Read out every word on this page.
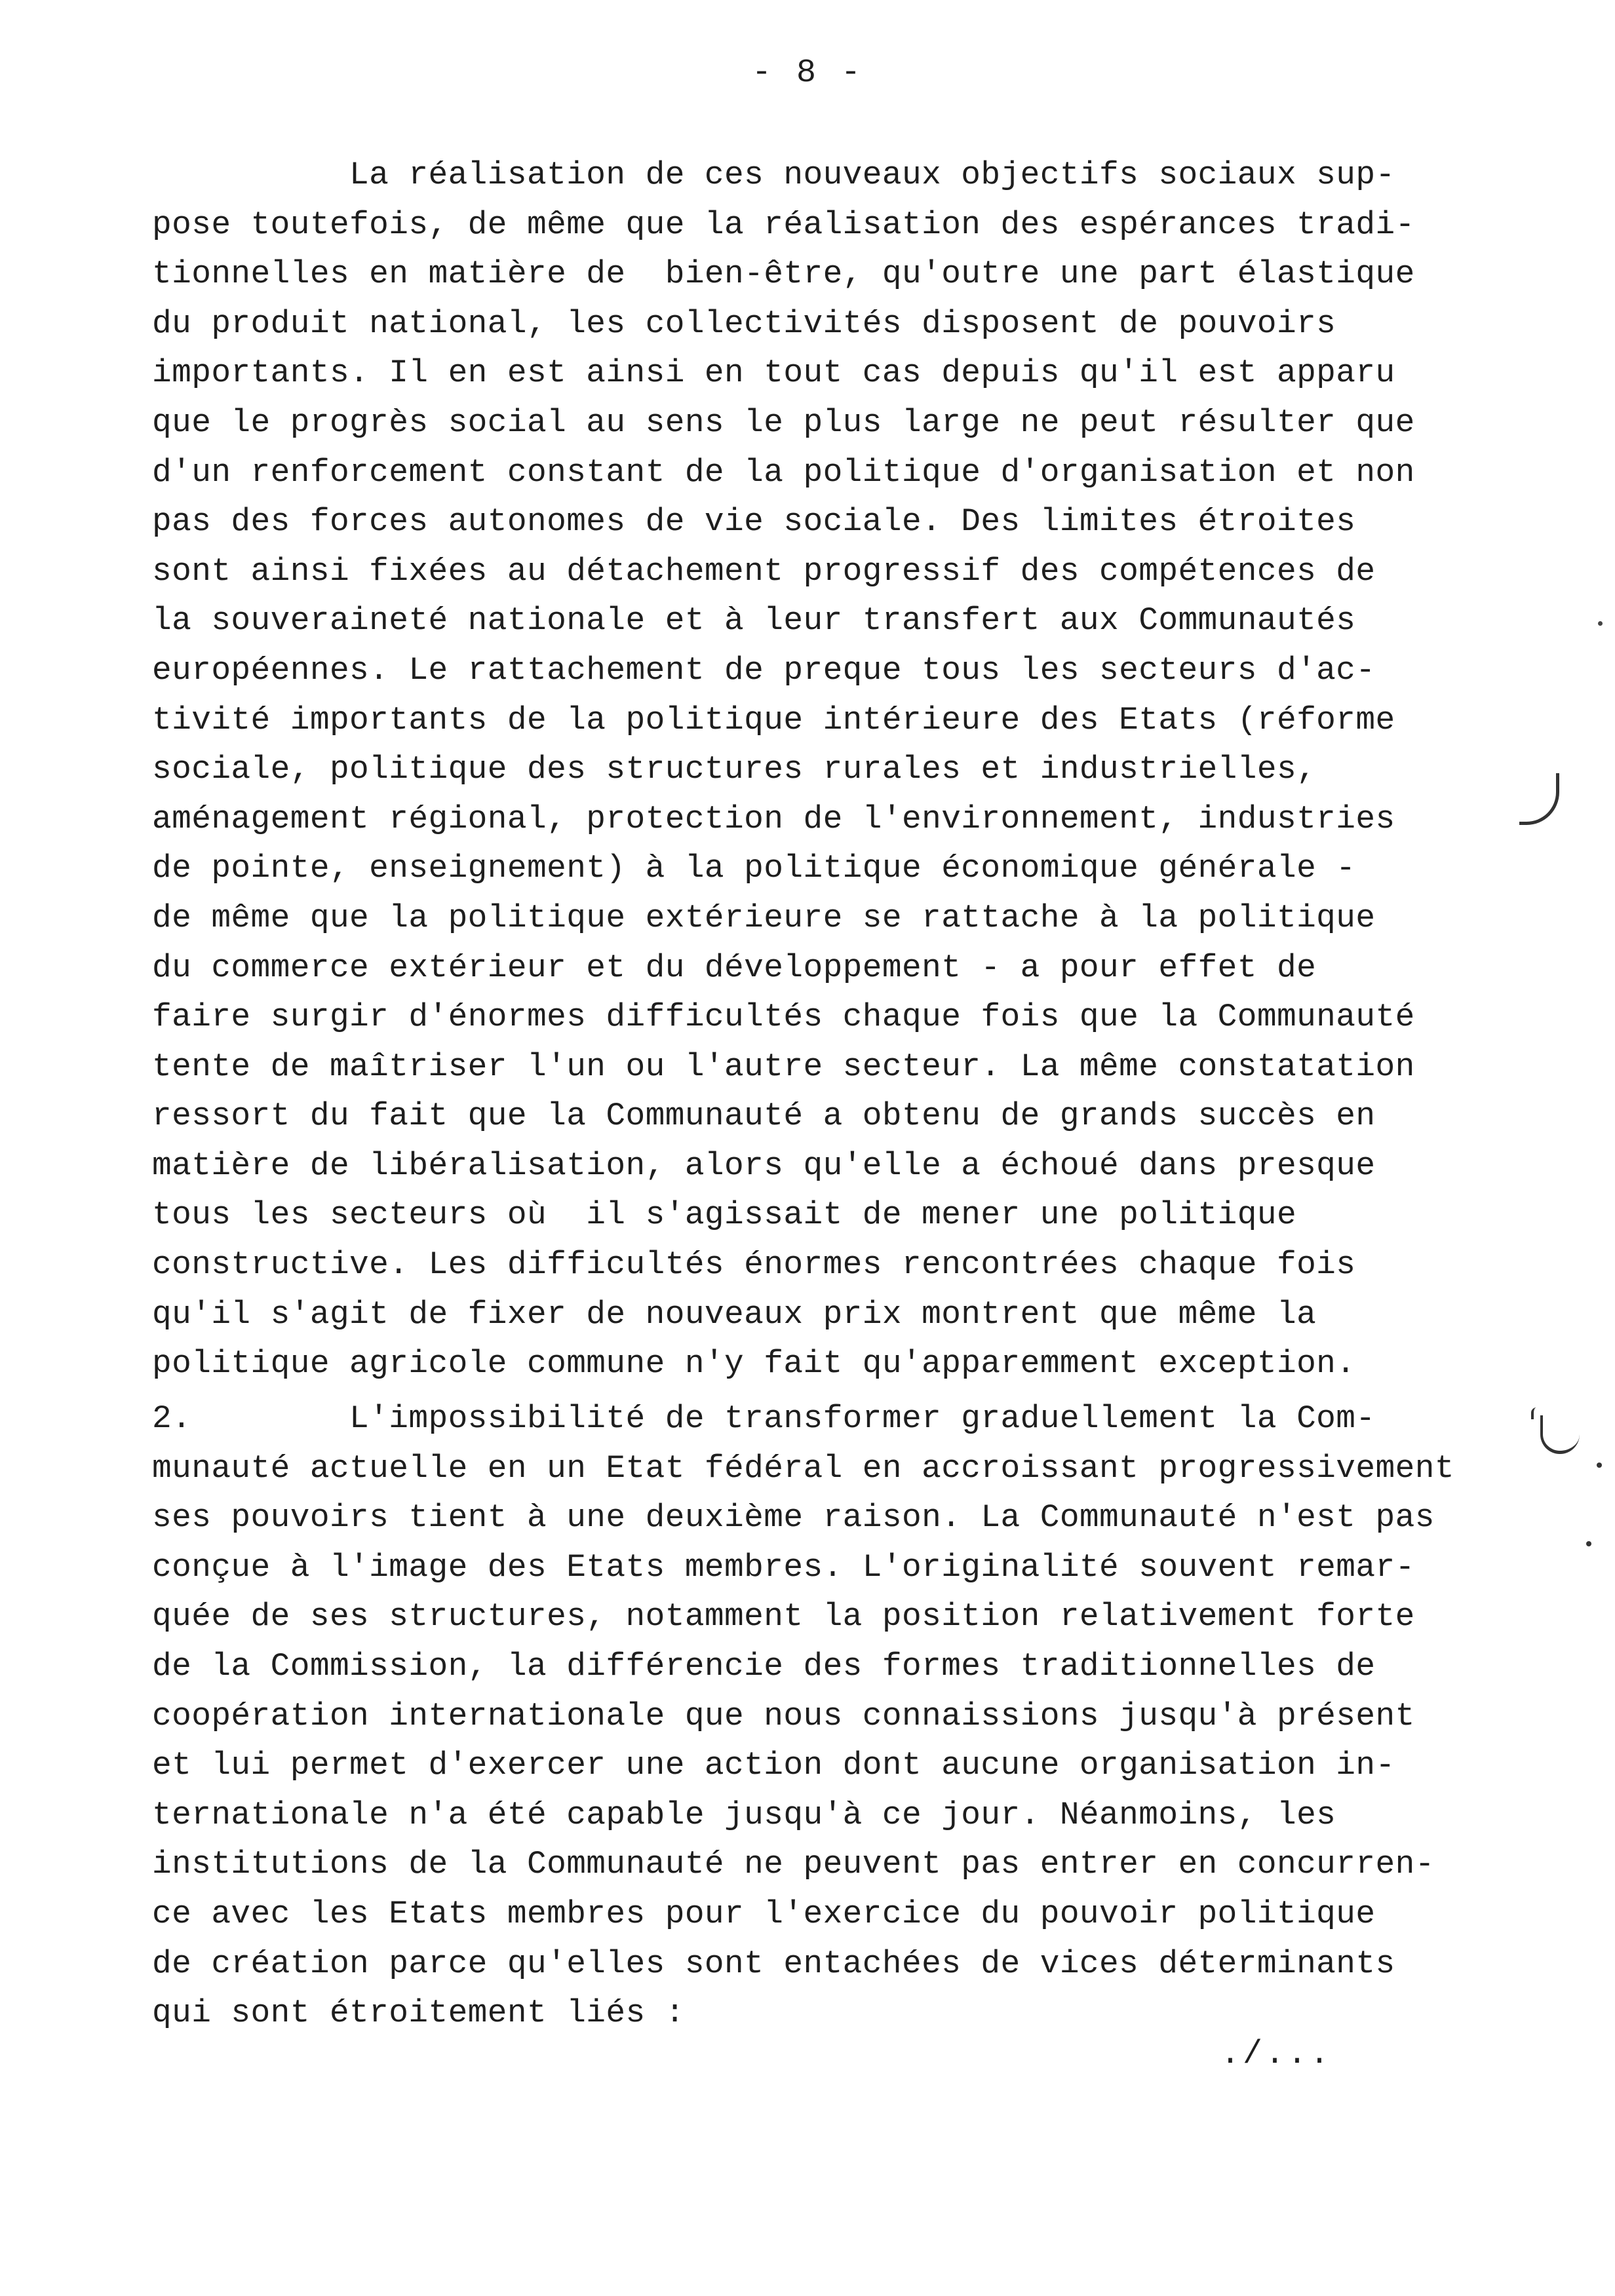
- 8 -
La réalisation de ces nouveaux objectifs sociaux sup-
pose toutefois, de même que la réalisation des espérances tradi-
tionnelles en matière de  bien-être, qu'outre une part élastique
du produit national, les collectivités disposent de pouvoirs
importants. Il en est ainsi en tout cas depuis qu'il est apparu
que le progrès social au sens le plus large ne peut résulter que
d'un renforcement constant de la politique d'organisation et non
pas des forces autonomes de vie sociale. Des limites étroites
sont ainsi fixées au détachement progressif des compétences de
la souveraineté nationale et à leur transfert aux Communautés
européennes. Le rattachement de preque tous les secteurs d'ac-
tivité importants de la politique intérieure des Etats (réforme
sociale, politique des structures rurales et industrielles,
aménagement régional, protection de l'environnement, industries
de pointe, enseignement) à la politique économique générale -
de même que la politique extérieure se rattache à la politique
du commerce extérieur et du développement - a pour effet de
faire surgir d'énormes difficultés chaque fois que la Communauté
tente de maîtriser l'un ou l'autre secteur. La même constatation
ressort du fait que la Communauté a obtenu de grands succès en
matière de libéralisation, alors qu'elle a échoué dans presque
tous les secteurs où  il s'agissait de mener une politique
constructive. Les difficultés énormes rencontrées chaque fois
qu'il s'agit de fixer de nouveaux prix montrent que même la
politique agricole commune n'y fait qu'apparemment exception.
2.        L'impossibilité de transformer graduellement la Com-
munauté actuelle en un Etat fédéral en accroissant progressivement
ses pouvoirs tient à une deuxième raison. La Communauté n'est pas
conçue à l'image des Etats membres. L'originalité souvent remar-
quée de ses structures, notamment la position relativement forte
de la Commission, la différencie des formes traditionnelles de
coopération internationale que nous connaissions jusqu'à présent
et lui permet d'exercer une action dont aucune organisation in-
ternationale n'a été capable jusqu'à ce jour. Néanmoins, les
institutions de la Communauté ne peuvent pas entrer en concurren-
ce avec les Etats membres pour l'exercice du pouvoir politique
de création parce qu'elles sont entachées de vices déterminants
qui sont étroitement liés :
./...
